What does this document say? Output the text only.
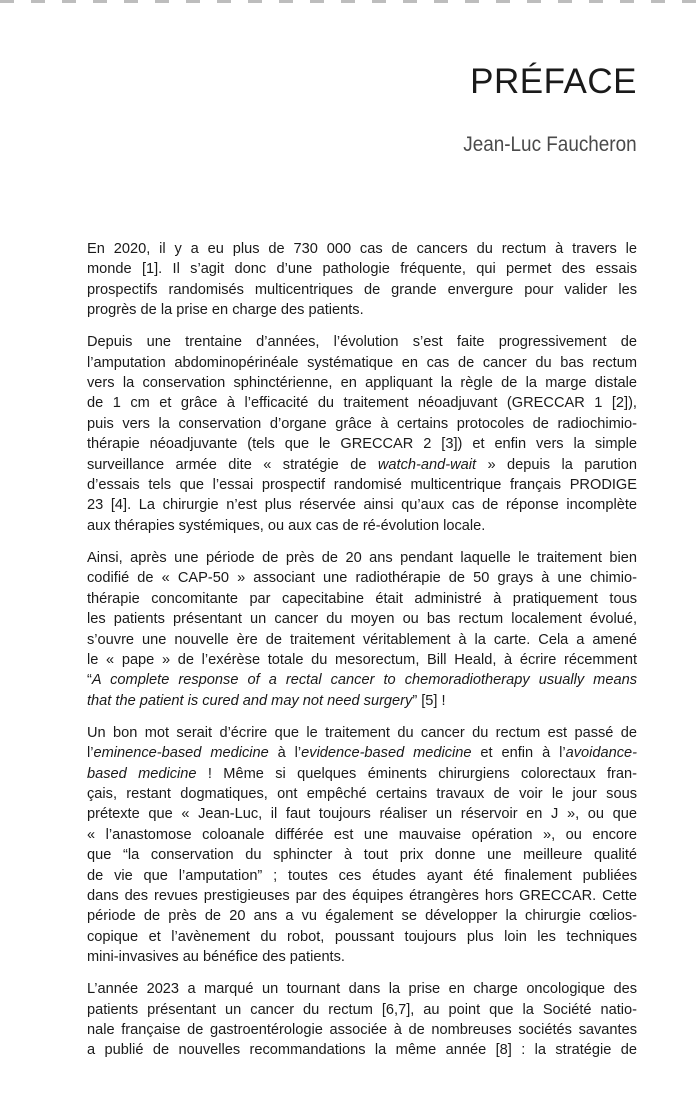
PRÉFACE

Jean-Luc Faucheron

En 2020, il y a eu plus de 730 000 cas de cancers du rectum à travers le
monde [1]. Il s’agit donc d’une pathologie fréquente, qui permet des essais
prospectifs randomisés multicentriques de grande envergure pour valider les
progrès de la prise en charge des patients.

Depuis une trentaine d’années, l’évolution s’est faite progressivement de
l’amputation abdominopérinéale systématique en cas de cancer du bas rectum
vers la conservation sphinctérienne, en appliquant la règle de la marge distale
de 1 cm et grâce à l’efficacité du traitement néoadjuvant (GRECCAR 1 [2]),
puis vers la conservation d’organe grâce à certains protocoles de radiochimio-
thérapie néoadjuvante (tels que le GRECCAR 2 [3]) et enfin vers la simple
surveillance armée dite « stratégie de watch-and-wait » depuis la parution
d’essais tels que l’essai prospectif randomisé multicentrique français PRODIGE
23 [4]. La chirurgie n’est plus réservée ainsi qu’aux cas de réponse incomplète
aux thérapies systémiques, ou aux cas de ré-évolution locale.

Ainsi, après une période de près de 20 ans pendant laquelle le traitement bien
codifié de « CAP-50 » associant une radiothérapie de 50 grays à une chimio-
thérapie concomitante par capecitabine était administré à pratiquement tous
les patients présentant un cancer du moyen ou bas rectum localement évolué,
s’ouvre une nouvelle ère de traitement véritablement à la carte. Cela a amené
le « pape » de l’exérèse totale du mesorectum, Bill Heald, à écrire récemment
“A complete response of a rectal cancer to chemoradiotherapy usually means
that the patient is cured and may not need surgery” [5] !

Un bon mot serait d’écrire que le traitement du cancer du rectum est passé de
l’eminence-based medicine à l’evidence-based medicine et enfin à l’avoidance-
based medicine ! Même si quelques éminents chirurgiens colorectaux fran-
çais, restant dogmatiques, ont empêché certains travaux de voir le jour sous
prétexte que « Jean-Luc, il faut toujours réaliser un réservoir en J », ou que
« l’anastomose coloanale différée est une mauvaise opération », ou encore
que “la conservation du sphincter à tout prix donne une meilleure qualité
de vie que l’amputation” ; toutes ces études ayant été finalement publiées
dans des revues prestigieuses par des équipes étrangères hors GRECCAR. Cette
période de près de 20 ans a vu également se développer la chirurgie cœlios-
copique et l’avènement du robot, poussant toujours plus loin les techniques
mini-invasives au bénéfice des patients.

L’année 2023 a marqué un tournant dans la prise en charge oncologique des
patients présentant un cancer du rectum [6,7], au point que la Société natio-
nale française de gastroentérologie associée à de nombreuses sociétés savantes
a publié de nouvelles recommandations la même année [8] : la stratégie de
